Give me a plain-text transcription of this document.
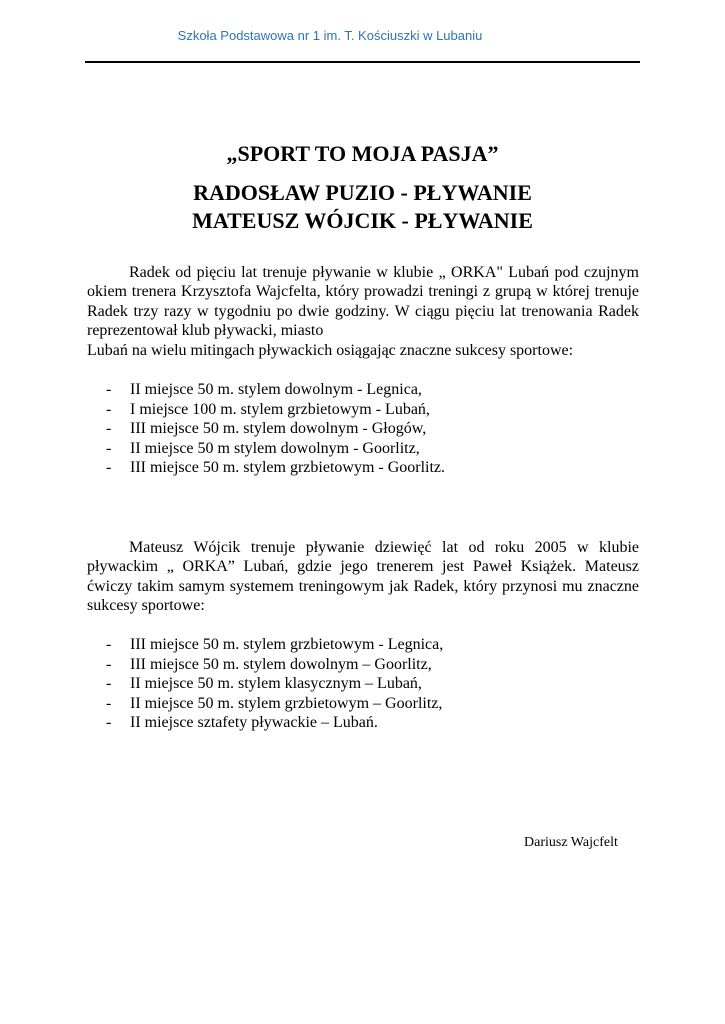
Szkoła Podstawowa nr 1 im. T. Kościuszki w Lubaniu
„SPORT TO MOJA PASJA”
RADOSŁAW PUZIO - PŁYWANIE
MATEUSZ WÓJCIK - PŁYWANIE

Radek od pięciu lat trenuje pływanie w klubie „ ORKA" Lubań pod czujnym okiem trenera Krzysztofa Wajcfelta, który prowadzi treningi z grupą w której trenuje Radek trzy razy w tygodniu po dwie godziny. W ciągu pięciu lat trenowania Radek reprezentował klub pływacki, miasto

Lubań na wielu mitingach pływackich osiągając znaczne sukcesy sportowe:

- II miejsce 50 m. stylem dowolnym - Legnica,
- I miejsce 100 m. stylem grzbietowym - Lubań,
- III miejsce 50 m. stylem dowolnym - Głogów,
- II miejsce 50 m stylem dowolnym - Goorlitz,
- III miejsce 50 m. stylem grzbietowym - Goorlitz.

Mateusz Wójcik trenuje pływanie dziewięć lat od roku 2005 w klubie pływackim „ ORKA” Lubań, gdzie jego trenerem jest Paweł Książek. Mateusz ćwiczy takim samym systemem treningowym jak Radek, który przynosi mu znaczne sukcesy sportowe:

- III miejsce 50 m. stylem grzbietowym - Legnica,
- III miejsce 50 m. stylem dowolnym – Goorlitz,
- II miejsce 50 m. stylem klasycznym – Lubań,
- II miejsce 50 m. stylem grzbietowym – Goorlitz,
- II miejsce sztafety pływackie – Lubań.
Dariusz Wajcfelt
